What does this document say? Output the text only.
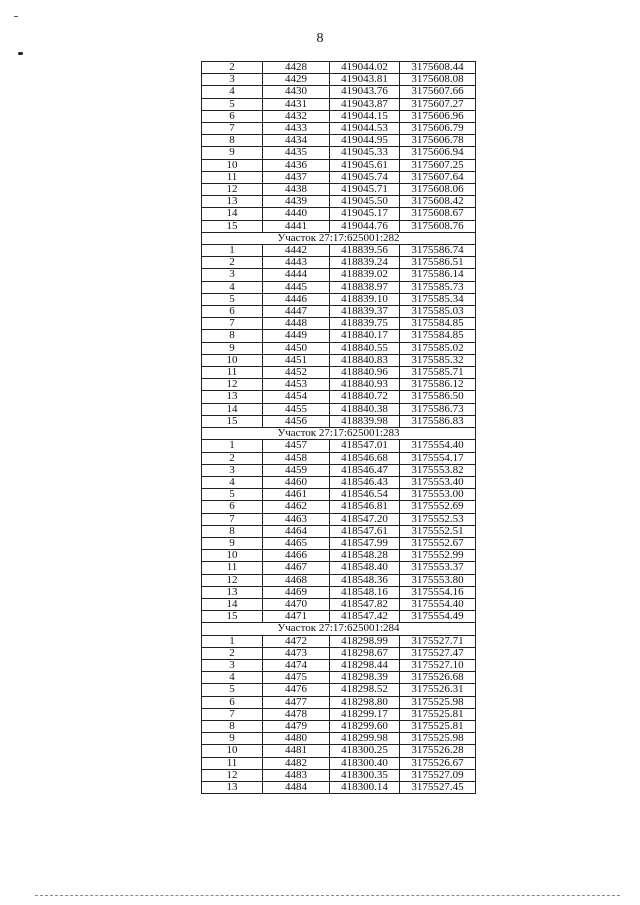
8
2	4428	419044.02	3175608.44
3	4429	419043.81	3175608.08
4	4430	419043.76	3175607.66
5	4431	419043.87	3175607.27
6	4432	419044.15	3175606.96
7	4433	419044.53	3175606.79
8	4434	419044.95	3175606.78
9	4435	419045.33	3175606.94
10	4436	419045.61	3175607.25
11	4437	419045.74	3175607.64
12	4438	419045.71	3175608.06
13	4439	419045.50	3175608.42
14	4440	419045.17	3175608.67
15	4441	419044.76	3175608.76
Участок 27:17:625001:282			
1	4442	418839.56	3175586.74
2	4443	418839.24	3175586.51
3	4444	418839.02	3175586.14
4	4445	418838.97	3175585.73
5	4446	418839.10	3175585.34
6	4447	418839.37	3175585.03
7	4448	418839.75	3175584.85
8	4449	418840.17	3175584.85
9	4450	418840.55	3175585.02
10	4451	418840.83	3175585.32
11	4452	418840.96	3175585.71
12	4453	418840.93	3175586.12
13	4454	418840.72	3175586.50
14	4455	418840.38	3175586.73
15	4456	418839.98	3175586.83
Участок 27:17:625001:283			
1	4457	418547.01	3175554.40
2	4458	418546.68	3175554.17
3	4459	418546.47	3175553.82
4	4460	418546.43	3175553.40
5	4461	418546.54	3175553.00
6	4462	418546.81	3175552.69
7	4463	418547.20	3175552.53
8	4464	418547.61	3175552.51
9	4465	418547.99	3175552.67
10	4466	418548.28	3175552.99
11	4467	418548.40	3175553.37
12	4468	418548.36	3175553.80
13	4469	418548.16	3175554.16
14	4470	418547.82	3175554.40
15	4471	418547.42	3175554.49
Участок 27:17:625001:284			
1	4472	418298.99	3175527.71
2	4473	418298.67	3175527.47
3	4474	418298.44	3175527.10
4	4475	418298.39	3175526.68
5	4476	418298.52	3175526.31
6	4477	418298.80	3175525.98
7	4478	418299.17	3175525.81
8	4479	418299.60	3175525.81
9	4480	418299.98	3175525.98
10	4481	418300.25	3175526.28
11	4482	418300.40	3175526.67
12	4483	418300.35	3175527.09
13	4484	418300.14	3175527.45
